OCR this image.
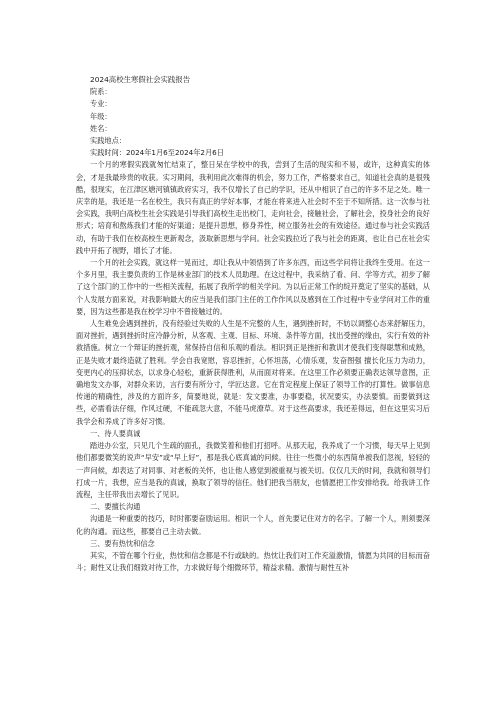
2024高校生寒假社会实践报告

院系：

专业：

年级：

姓名：

实践地点：

实践时间：2024年1月6至2024年2月6日

一个月的寒假实践就匆忙结束了，整日呆在学校中的我，尝到了生活的现实和不易，或许，这种真实的体会，才是我最珍贵的收获。实习期间，我利用此次难得的机会，努力工作，严格要求自己，知道社会真的是很残酷，很现实，在江津区塘河镇镇政府实习，我不仅增长了自己的学识，还从中相识了自己的许多不足之处。唯一庆幸的是，我还是一名在校生，我只有真正的学好本事，才能在将来进入社会时不至于不知所措。这一次参与社会实践，我明白高校生社会实践是引导我们高校生走出校门，走向社会，接触社会，了解社会，投身社会的良好形式；培育和熬炼我们才能的好渠道；是提升思想，修身养性，树立服务社会的有效途径。通过参与社会实践活动，有助于我们在校高校生更新观念，汲取新思想与学问。社会实践拉近了我与社会的距离，也让自己在社会实践中开拓了视野，增长了才能。

一个月的社会实践，就这样一晃而过，却让我从中领悟到了许多东西，而这些学问将让我终生受用。在这一个多月里，我主要负责的工作是林业部门的技术人员助理。在这过程中，我采纳了看、问、学等方式，初步了解了这个部门的工作中的一些相关流程，拓展了我所学的相关学问。为以后正常工作的绽开奠定了坚实的基础，从个人发展方面来说，对我影响最大的应当是我们部门主任的工作作风以及感到在工作过程中专业学问对工作的重要，因为这些都是我在校学习中不曾接触过的。

人生难免会遇到挫折，没有经验过失败的人生是不完整的人生，遇到挫折时，不妨以调整心态来舒解压力，面对挫折，遇到挫折时应冷静分析，从客观、主观、目标、环境、条件等方面，找出受挫的缘由，实行有效的补救措施。树立一个辩证的挫折观，常保持自信和乐观的看法。相识到正是挫折和教训才使我们变得聪慧和成熟，正是失败才最终造就了胜利。学会自我宽慰，容忍挫折，心怀坦荡，心情乐观，发奋图强 擅长化压力为动力，变更内心的压抑状态，以求身心轻松，重新获得胜利，从而面对将来。在这里工作必须要正确表达领导意图，正确地发文办事，对群众来访，言行要有所分寸，学匠达意。它在肯定程度上保证了领导工作的打算性。做事信息传递的精确性，涉及的方面许多，简要地说，就是：发文要准，办事要稳，状况要实，办法要慎。而要做到这些，必需看法仔细，作风过硬，不能疏忽大意，不能马虎潦草。对于这些高要求，我还差得远，但在这里实习后我学会和养成了许多好习惯。

一、待人要真诚

踏进办公室，只见几个生疏的面孔，我微笑着和他们打招呼。从那天起，我养成了一个习惯，每天早上见到他们都要微笑的说声“早安”或“早上好”，那是我心底真诚的问候。往往一些微小的东西简单被我们忽视，轻轻的一声问候，却表达了对同事、对老板的关怀，也让他人感觉到被重视与被关切。仅仅几天的时间，我就和领导们打成一片，我想，应当是我的真诚，换取了领导的信任。他们把我当朋友，也情愿把工作安排给我。给我讲工作流程，主任带我出去增长了见识。

二、要擅长沟通

沟通是一种重要的技巧，时时都要奋励运用。相识一个人，首先要记住对方的名字。了解一个人，则须要深化的沟通。而这些，都要自己主动去做。

三、要有热忱和信念

其实，不管在哪个行业，热忱和信念都是不行或缺的。热忱让我们对工作充溢激情，情愿为共同的目标而奋斗；耐性又让我们细致对待工作，力求做好每个细微环节，精益求精。激情与耐性互补
